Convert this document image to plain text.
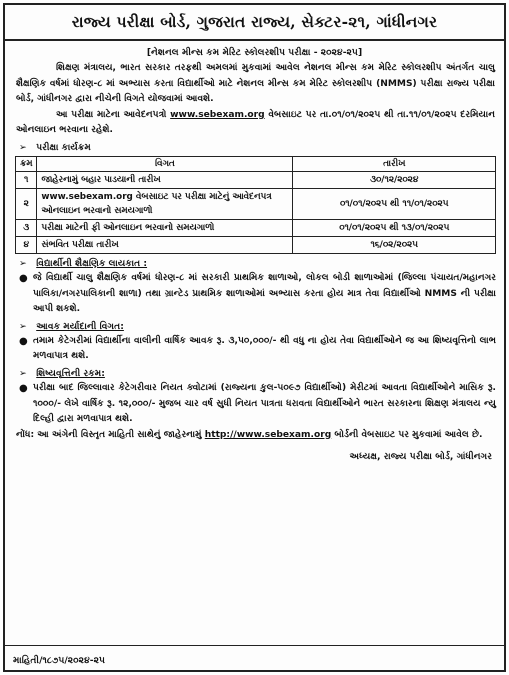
રાજ્ય પરીક્ષા બોર્ડ, ગુજરાત રાજ્ય, સેક્ટર-૨૧, ગાંધીનગર
[નેશનલ મીન્સ કમ મેરિટ સ્કોલરશીપ પરીક્ષા - ૨૦૨૪-૨૫]

શિક્ષણ મંત્રાલય, ભારત સરકાર તરફથી અમલમાં મુકવામાં આવેલ નેશનલ મીન્સ કમ મેરિટ સ્કોલરશીપ અંતર્ગત ચાલુ શૈક્ષણિક વર્ષમાં ધોરણ-૮ માં અભ્યાસ કરતા વિદ્યાર્થીઓ માટે નેશનલ મીન્સ કમ મેરિટ સ્કોલરશીપ (NMMS) પરીક્ષા રાજ્ય પરીક્ષા બોર્ડ, ગાંધીનગર દ્વારા નીચેની વિગતે યોજવામાં આવશે.

આ પરીક્ષા માટેના આવેદનપત્રો www.sebexam.org વેબસાઇટ પર તા.૦૧/૦૧/૨૦૨૫ થી તા.૧૧/૦૧/૨૦૨૫ દરમિયાન ઓનલાઇન ભરવાના રહેશે.

➢ પરીક્ષા કાર્યક્રમ
ક્રમ	વિગત	તારીખ
૧	જાહેરનામું બહાર પાડયાની તારીખ	૩૦/૧૨/૨૦૨૪
૨	www.sebexam.org વેબસાઇટ પર પરીક્ષા માટેનું આવેદનપત્ર ઓનલાઇન ભરવાનો સમયગાળો	૦૧/૦૧/૨૦૨૫ થી ૧૧/૦૧/૨૦૨૫
૩	પરીક્ષા માટેની ફી ઓનલાઇન ભરવાનો સમયગાળો	૦૧/૦૧/૨૦૨૫ થી ૧૩/૦૧/૨૦૨૫
૪	સંભવિત પરીક્ષા તારીખ	૧૬/૦૨/૨૦૨૫
➢ વિદ્યાર્થીની શૈક્ષણિક લાયકાત :
● જે વિદ્યાર્થી ચાલુ શૈક્ષણિક વર્ષમાં ધોરણ-૮ માં સરકારી પ્રાથમિક શાળાઓ, લોકલ બોડી શાળાઓમાં (જિલ્લા પંચાયત/મહાનગર પાલિકા/નગરપાલિકાની શાળા) તથા ગ્રાન્ટેડ પ્રાથમિક શાળાઓમાં અભ્યાસ કરતા હોય માત્ર તેવા વિદ્યાર્થીઓ NMMS ની પરીક્ષા આપી શકશે.
➢ આવક મર્યાદાની વિગત:
● તમામ કેટેગરીમાં વિદ્યાર્થીના વાલીની વાર્ષિક આવક રૂ. ૩,૫૦,૦૦૦/- થી વધુ ના હોય તેવા વિદ્યાર્થીઓને જ આ શિષ્યવૃત્તિનો લાભ મળવાપાત્ર થશે.
➢ શિષ્યવૃત્તિની રકમ:
● પરીક્ષા બાદ જિલ્લાવાર કેટેગરીવાર નિયત ક્વોટામાં (રાજ્યના કુલ-૫૦૯૭ વિદ્યાર્થીઓ) મેરીટમાં આવતા વિદ્યાર્થીઓને માસિક રૂ. ૧૦૦૦/- લેખે વાર્ષિક રૂ. ૧૨,૦૦૦/- મુજબ ચાર વર્ષ સુધી નિયત પાત્રતા ધરાવતા વિદ્યાર્થીઓને ભારત સરકારના શિક્ષણ મંત્રાલય ન્યુ દિલ્હી દ્વારા મળવાપાત્ર થશે.

નોંધ: આ અંગેની વિસ્તૃત માહિતી સાથેનું જાહેરનામું http://www.sebexam.org બોર્ડની વેબસાઇટ પર મુકવામાં આવેલ છે.

અધ્યક્ષ, રાજ્ય પરીક્ષા બોર્ડ, ગાંધીનગર
માહિતી/૧૮૭૫/૨૦૨૪-૨૫
